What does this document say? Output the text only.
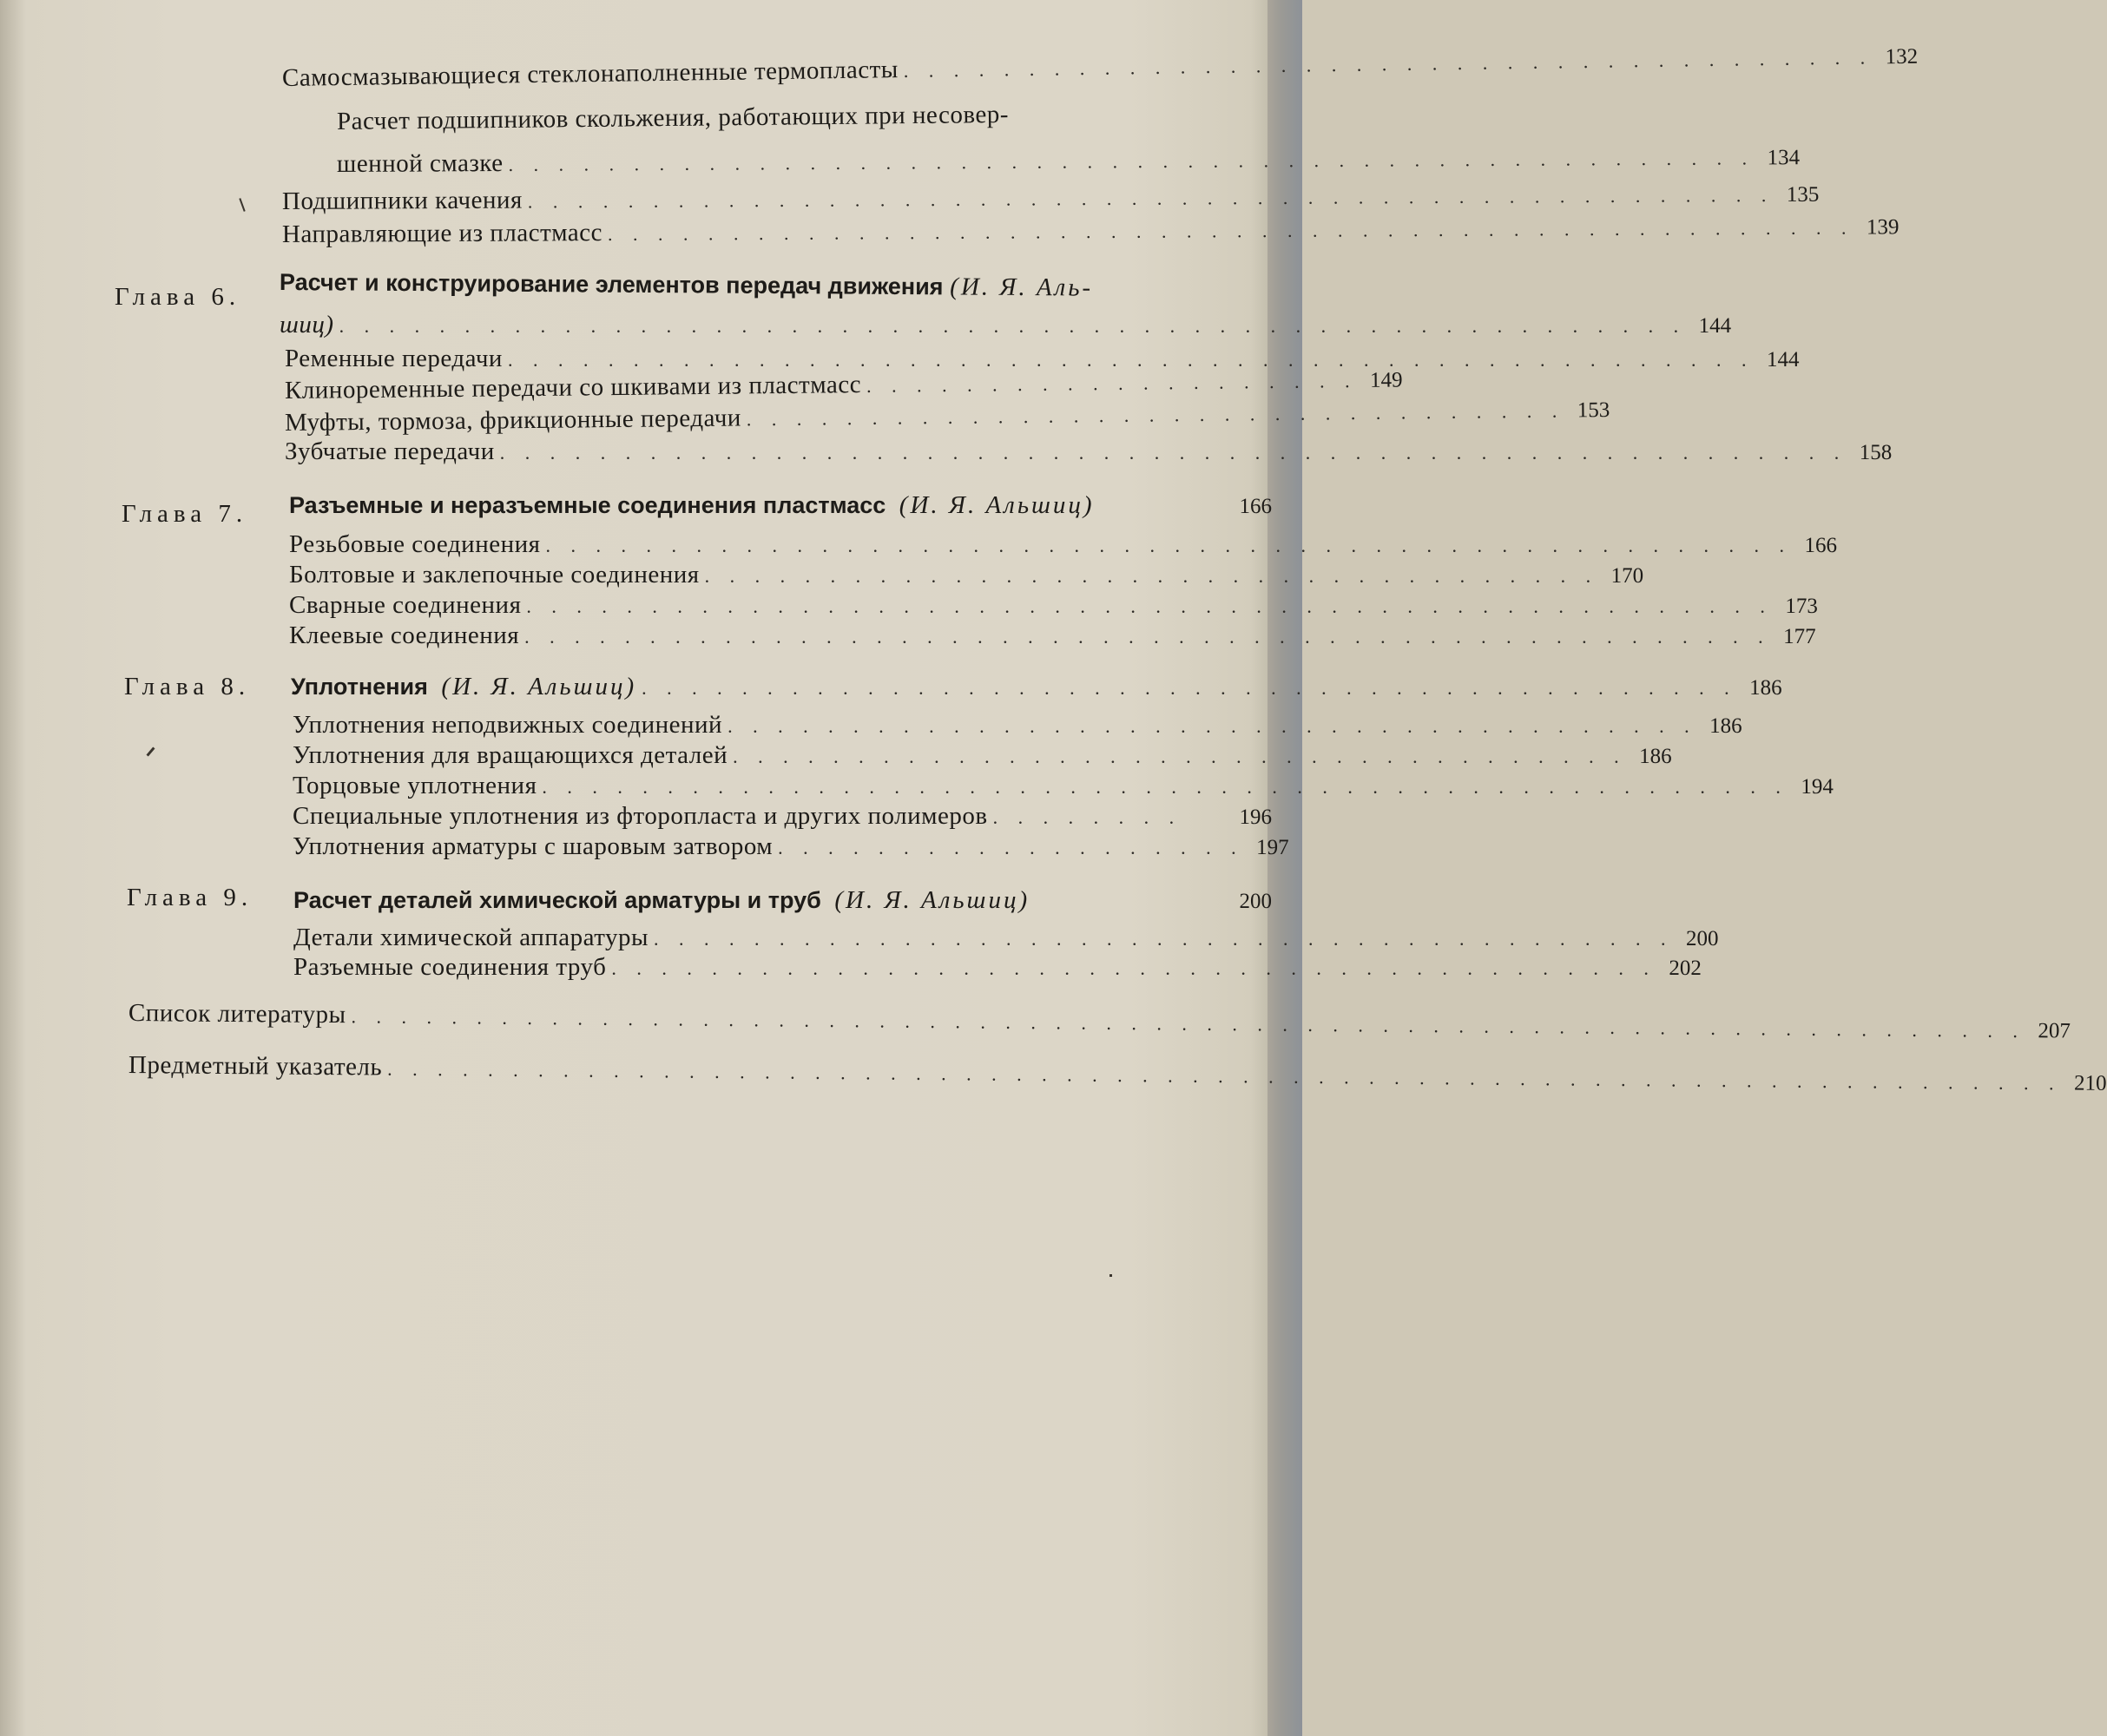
Самосмазывающиеся стеклонаполненные термопласты . . . . . . . . . . . . . . . . . . . . . . . . . . . . . . . . . . . . . . . 132
Расчет подшипников скольжения, работающих при несовер-
шенной смазке . . . . . . . . . . . . . . . . . . . . . . . . . . . . . . . . . . . . . . . . . . . . . . . . . . 134
Подшипники качения . . . . . . . . . . . . . . . . . . . . . . . . . . . . . . . . . . . . . . . . . . . . . . . . . . 135
Направляющие из пластмасс . . . . . . . . . . . . . . . . . . . . . . . . . . . . . . . . . . . . . . . . . . . . . . . . . . 139
Глава 6. Расчет и конструирование элементов передач движения (И. Я. Аль-
шиц) . . . . . . . . . . . . . . . . . . . . . . . . . . . . . . . . . . . . . . . . . . . . . . . . . . . . . . 144
Ременные передачи . . . . . . . . . . . . . . . . . . . . . . . . . . . . . . . . . . . . . . . . . . . . . . . . . . 144
Клиноременные передачи со шкивами из пластмасс . . . . . . . . . . . . . . . . . . . . 149
Муфты, тормоза, фрикционные передачи . . . . . . . . . . . . . . . . . . . . . . . . . . . . . . . . . 153
Зубчатые передачи . . . . . . . . . . . . . . . . . . . . . . . . . . . . . . . . . . . . . . . . . . . . . . . . . . . . . . 158
Глава 7. Разъемные и неразъемные соединения пластмасс (И. Я. Альшиц)	166
Резьбовые соединения . . . . . . . . . . . . . . . . . . . . . . . . . . . . . . . . . . . . . . . . . . . . . . . . . . 166
Болтовые и заклепочные соединения . . . . . . . . . . . . . . . . . . . . . . . . . . . . . . . . . . . . 170
Сварные соединения . . . . . . . . . . . . . . . . . . . . . . . . . . . . . . . . . . . . . . . . . . . . . . . . . . 173
Клеевые соединения . . . . . . . . . . . . . . . . . . . . . . . . . . . . . . . . . . . . . . . . . . . . . . . . . . 177
Глава 8. Уплотнения (И. Я. Альшиц) . . . . . . . . . . . . . . . . . . . . . . . . . . . . . . . . . . . . . . . . . . . . 186
Уплотнения неподвижных соединений . . . . . . . . . . . . . . . . . . . . . . . . . . . . . . . . . . . . . . . 186
Уплотнения для вращающихся деталей . . . . . . . . . . . . . . . . . . . . . . . . . . . . . . . . . . . . 186
Торцовые уплотнения . . . . . . . . . . . . . . . . . . . . . . . . . . . . . . . . . . . . . . . . . . . . . . . . . . 194
Специальные уплотнения из фторопласта и других полимеров . . . . . . . .	196
Уплотнения арматуры с шаровым затвором . . . . . . . . . . . . . . . . . . . 197
Глава 9. Расчет деталей химической арматуры и труб (И. Я. Альшиц)	200
Детали химической аппаратуры . . . . . . . . . . . . . . . . . . . . . . . . . . . . . . . . . . . . . . . . . 200
Разъемные соединения труб . . . . . . . . . . . . . . . . . . . . . . . . . . . . . . . . . . . . . . . . . . 202
Список литературы . . . . . . . . . . . . . . . . . . . . . . . . . . . . . . . . . . . . . . . . . . . . . . . . . . . . . . . . . . . . . . . . . . . 207
Предметный указатель . . . . . . . . . . . . . . . . . . . . . . . . . . . . . . . . . . . . . . . . . . . . . . . . . . . . . . . . . . . . . . . . . . . 210
